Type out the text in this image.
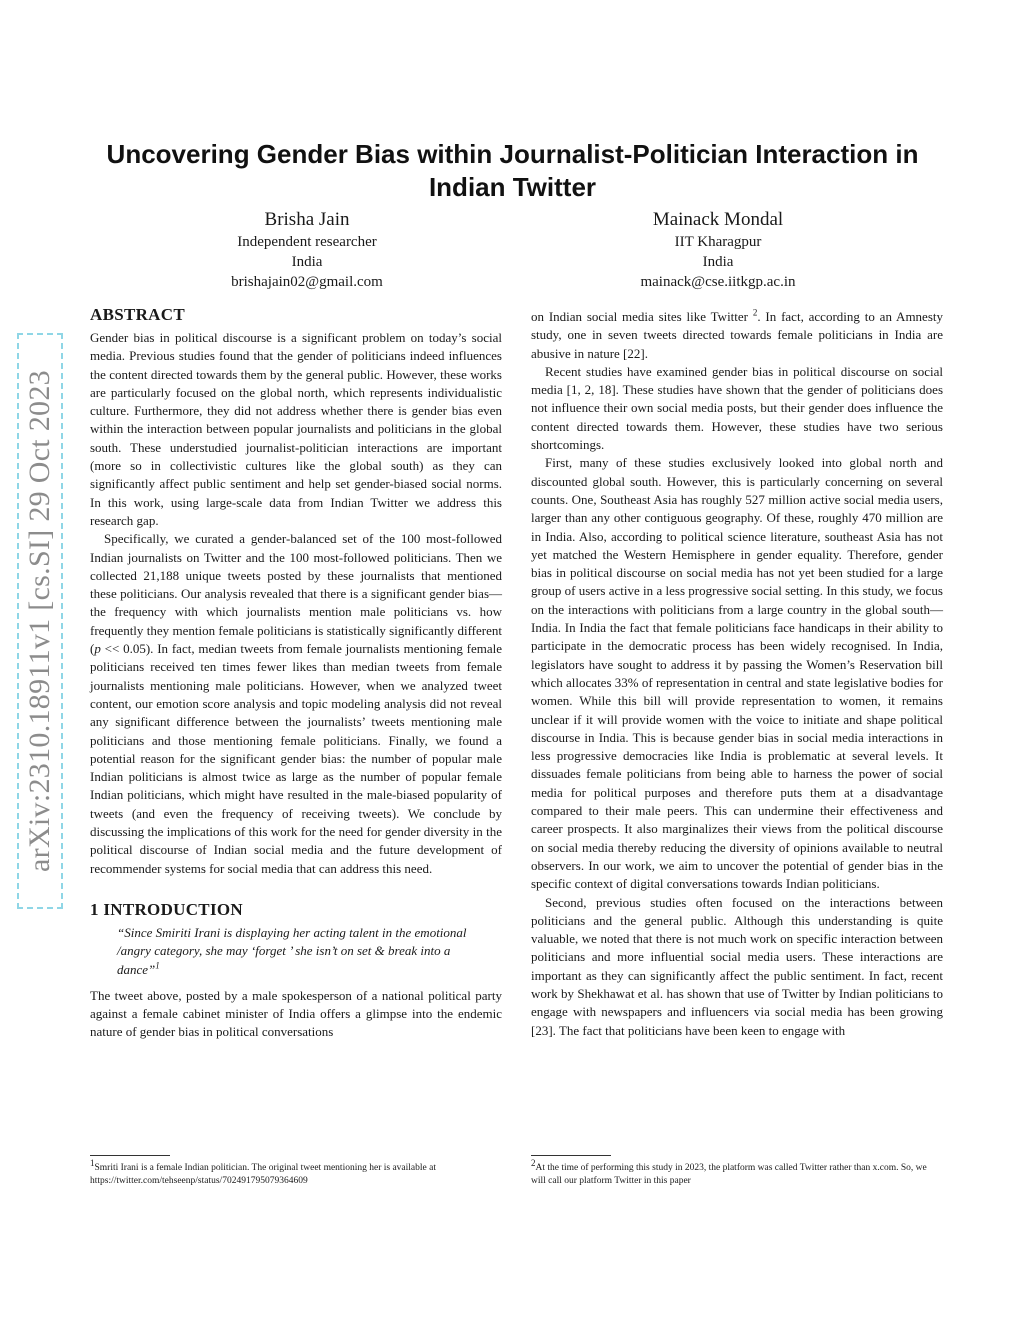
arXiv:2310.18911v1 [cs.SI] 29 Oct 2023
Uncovering Gender Bias within Journalist-Politician Interaction in Indian Twitter
Brisha Jain
Independent researcher
India
brishajain02@gmail.com
Mainack Mondal
IIT Kharagpur
India
mainack@cse.iitkgp.ac.in
ABSTRACT

Gender bias in political discourse is a significant problem on today’s social media. Previous studies found that the gender of politicians indeed influences the content directed towards them by the general public. However, these works are particularly focused on the global north, which represents individualistic culture. Furthermore, they did not address whether there is gender bias even within the interaction between popular journalists and politicians in the global south. These understudied journalist-politician interactions are important (more so in collectivistic cultures like the global south) as they can significantly affect public sentiment and help set gender-biased social norms. In this work, using large-scale data from Indian Twitter we address this research gap.

Specifically, we curated a gender-balanced set of the 100 most-followed Indian journalists on Twitter and the 100 most-followed politicians. Then we collected 21,188 unique tweets posted by these journalists that mentioned these politicians. Our analysis revealed that there is a significant gender bias—the frequency with which journalists mention male politicians vs. how frequently they mention female politicians is statistically significantly different (p << 0.05). In fact, median tweets from female journalists mentioning female politicians received ten times fewer likes than median tweets from female journalists mentioning male politicians. However, when we analyzed tweet content, our emotion score analysis and topic modeling analysis did not reveal any significant difference between the journalists’ tweets mentioning male politicians and those mentioning female politicians. Finally, we found a potential reason for the significant gender bias: the number of popular male Indian politicians is almost twice as large as the number of popular female Indian politicians, which might have resulted in the male-biased popularity of tweets (and even the frequency of receiving tweets). We conclude by discussing the implications of this work for the need for gender diversity in the political discourse of Indian social media and the future development of recommender systems for social media that can address this need.

1 INTRODUCTION
“Since Smiriti Irani is displaying her acting talent in the emotional /angry category, she may ‘forget ’ she isn’t on set & break into a dance”$^1$

The tweet above, posted by a male spokesperson of a national political party against a female cabinet minister of India offers a glimpse into the endemic nature of gender bias in political conversations

on Indian social media sites like Twitter $^2$. In fact, according to an Amnesty study, one in seven tweets directed towards female politicians in India are abusive in nature [22].

Recent studies have examined gender bias in political discourse on social media [1, 2, 18]. These studies have shown that the gender of politicians does not influence their own social media posts, but their gender does influence the content directed towards them. However, these studies have two serious shortcomings.

First, many of these studies exclusively looked into global north and discounted global south. However, this is particularly concerning on several counts. One, Southeast Asia has roughly 527 million active social media users, larger than any other contiguous geography. Of these, roughly 470 million are in India. Also, according to political science literature, southeast Asia has not yet matched the Western Hemisphere in gender equality. Therefore, gender bias in political discourse on social media has not yet been studied for a large group of users active in a less progressive social setting. In this study, we focus on the interactions with politicians from a large country in the global south—India. In India the fact that female politicians face handicaps in their ability to participate in the democratic process has been widely recognised. In India, legislators have sought to address it by passing the Women’s Reservation bill which allocates 33% of representation in central and state legislative bodies for women. While this bill will provide representation to women, it remains unclear if it will provide women with the voice to initiate and shape political discourse in India. This is because gender bias in social media interactions in less progressive democracies like India is problematic at several levels. It dissuades female politicians from being able to harness the power of social media for political purposes and therefore puts them at a disadvantage compared to their male peers. This can undermine their effectiveness and career prospects. It also marginalizes their views from the political discourse on social media thereby reducing the diversity of opinions available to neutral observers. In our work, we aim to uncover the potential of gender bias in the specific context of digital conversations towards Indian politicians.

Second, previous studies often focused on the interactions between politicians and the general public. Although this understanding is quite valuable, we noted that there is not much work on specific interaction between politicians and more influential social media users. These interactions are important as they can significantly affect the public sentiment. In fact, recent work by Shekhawat et al. has shown that use of Twitter by Indian politicians to engage with newspapers and influencers via social media has been growing [23]. The fact that politicians have been keen to engage with

$^1$Smriti Irani is a female Indian politician. The original tweet mentioning her is available at https://twitter.com/tehseenp/status/702491795079364609
$^2$At the time of performing this study in 2023, the platform was called Twitter rather than x.com. So, we will call our platform Twitter in this paper
